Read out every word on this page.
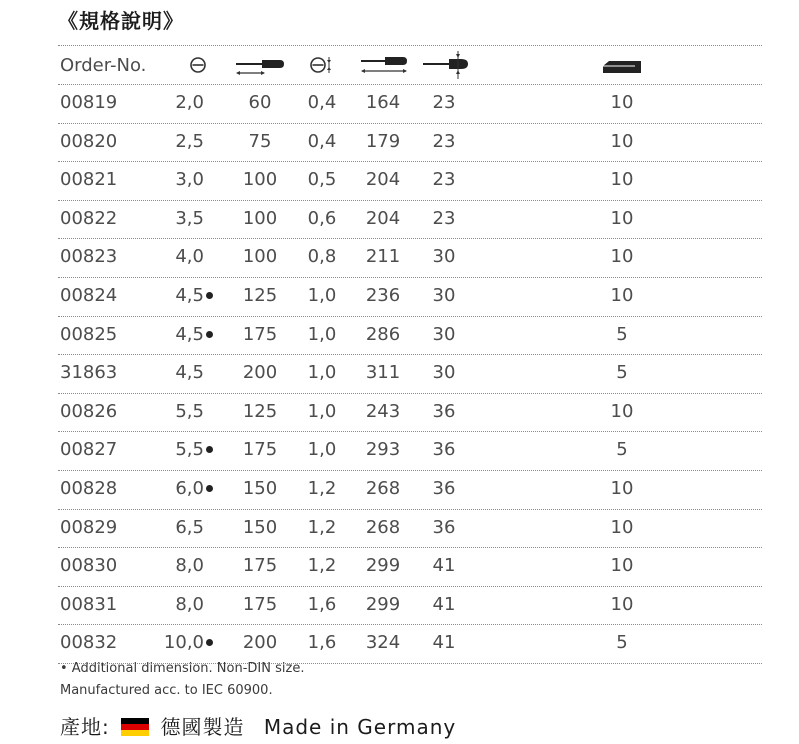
《規格說明》
Order-No.
00819	2,0	60	0,4	164	23	10
00820	2,5	75	0,4	179	23	10
00821	3,0	100	0,5	204	23	10
00822	3,5	100	0,6	204	23	10
00823	4,0	100	0,8	211	30	10
00824	4,5	125	1,0	236	30	10
00825	4,5	175	1,0	286	30	5
31863	4,5	200	1,0	311	30	5
00826	5,5	125	1,0	243	36	10
00827	5,5	175	1,0	293	36	5
00828	6,0	150	1,2	268	36	10
00829	6,5	150	1,2	268	36	10
00830	8,0	175	1,2	299	41	10
00831	8,0	175	1,6	299	41	10
00832	10,0	200	1,6	324	41	5
• Additional dimension. Non-DIN size.
Manufactured acc. to IEC 60900.
產地:	德國製造 Made in Germany
